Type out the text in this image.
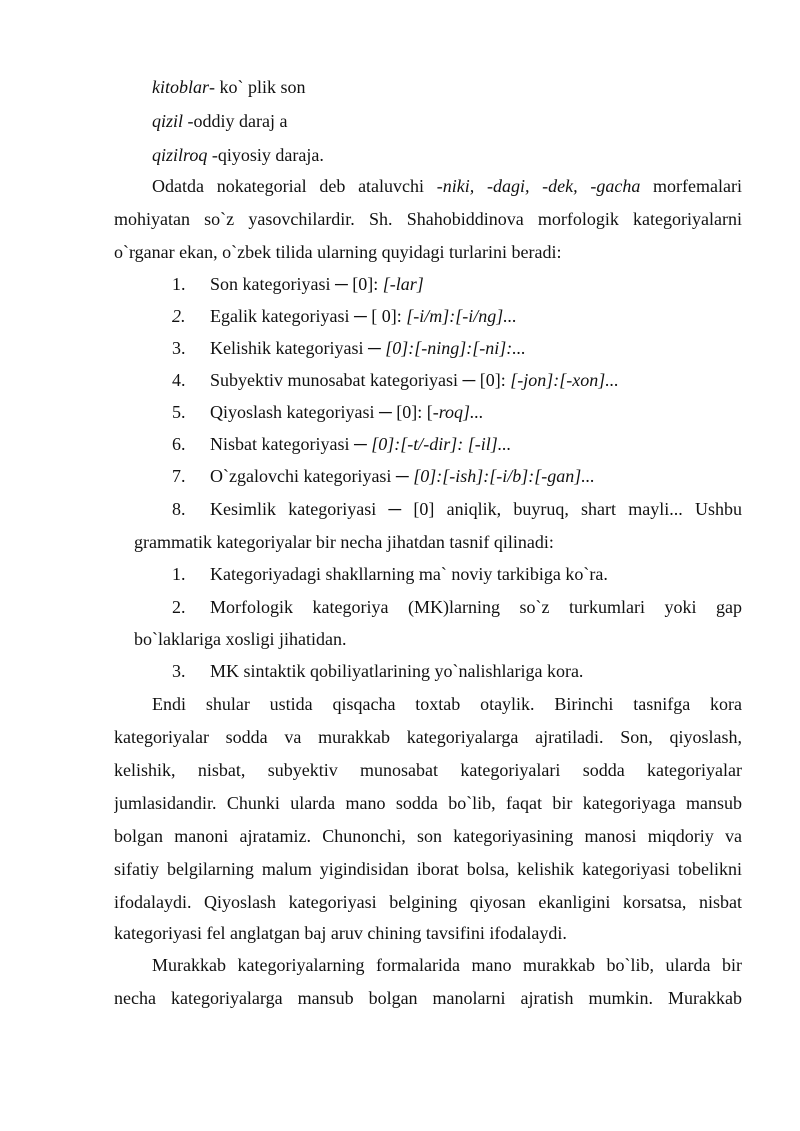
kitoblar- ko` plik son
qizil -oddiy daraj a
qizilroq -qiyosiy daraja.
Odatda nokategorial deb ataluvchi -niki, -dagi, -dek, -gacha morfemalari
mohiyatan so`z yasovchilardir. Sh. Shahobiddinova morfologik kategoriyalarni
o`rganar ekan, o`zbek tilida ularning quyidagi turlarini beradi:
1. Son kategoriyasi ─ [0]: [-lar]
2. Egalik kategoriyasi ─ [ 0]: [-i/m]:[-i/ng]...
3. Kelishik kategoriyasi ─ [0]:[-ning]:[-ni]:...
4. Subyektiv munosabat kategoriyasi ─ [0]: [-jon]:[-xon]...
5. Qiyoslash kategoriyasi ─ [0]: [-roq]...
6. Nisbat kategoriyasi ─ [0]:[-t/-dir]: [-il]...
7. O`zgalovchi kategoriyasi ─ [0]:[-ish]:[-i/b]:[-gan]...
8. Kesimlik kategoriyasi ─ [0] aniqlik, buyruq, shart mayli... Ushbu
grammatik kategoriyalar bir necha jihatdan tasnif qilinadi:
1. Kategoriyadagi shakllarning ma` noviy tarkibiga ko`ra.
2. Morfologik kategoriya (MK)larning so`z turkumlari yoki gap
bo`laklariga xosligi jihatidan.
3. MK sintaktik qobiliyatlarining yo`nalishlariga kora.
Endi shular ustida qisqacha toxtab otaylik. Birinchi tasnifga kora
kategoriyalar sodda va murakkab kategoriyalarga ajratiladi. Son, qiyoslash,
kelishik, nisbat, subyektiv munosabat kategoriyalari sodda kategoriyalar
jumlasidandir. Chunki ularda mano sodda bo`lib, faqat bir kategoriyaga mansub
bolgan manoni ajratamiz. Chunonchi, son kategoriyasining manosi miqdoriy va
sifatiy belgilarning malum yigindisidan iborat bolsa, kelishik kategoriyasi tobelikni
ifodalaydi. Qiyoslash kategoriyasi belgining qiyosan ekanligini korsatsa, nisbat
kategoriyasi fel anglatgan baj aruv chining tavsifini ifodalaydi.
Murakkab kategoriyalarning formalarida mano murakkab bo`lib, ularda bir
necha kategoriyalarga mansub bolgan manolarni ajratish mumkin. Murakkab
